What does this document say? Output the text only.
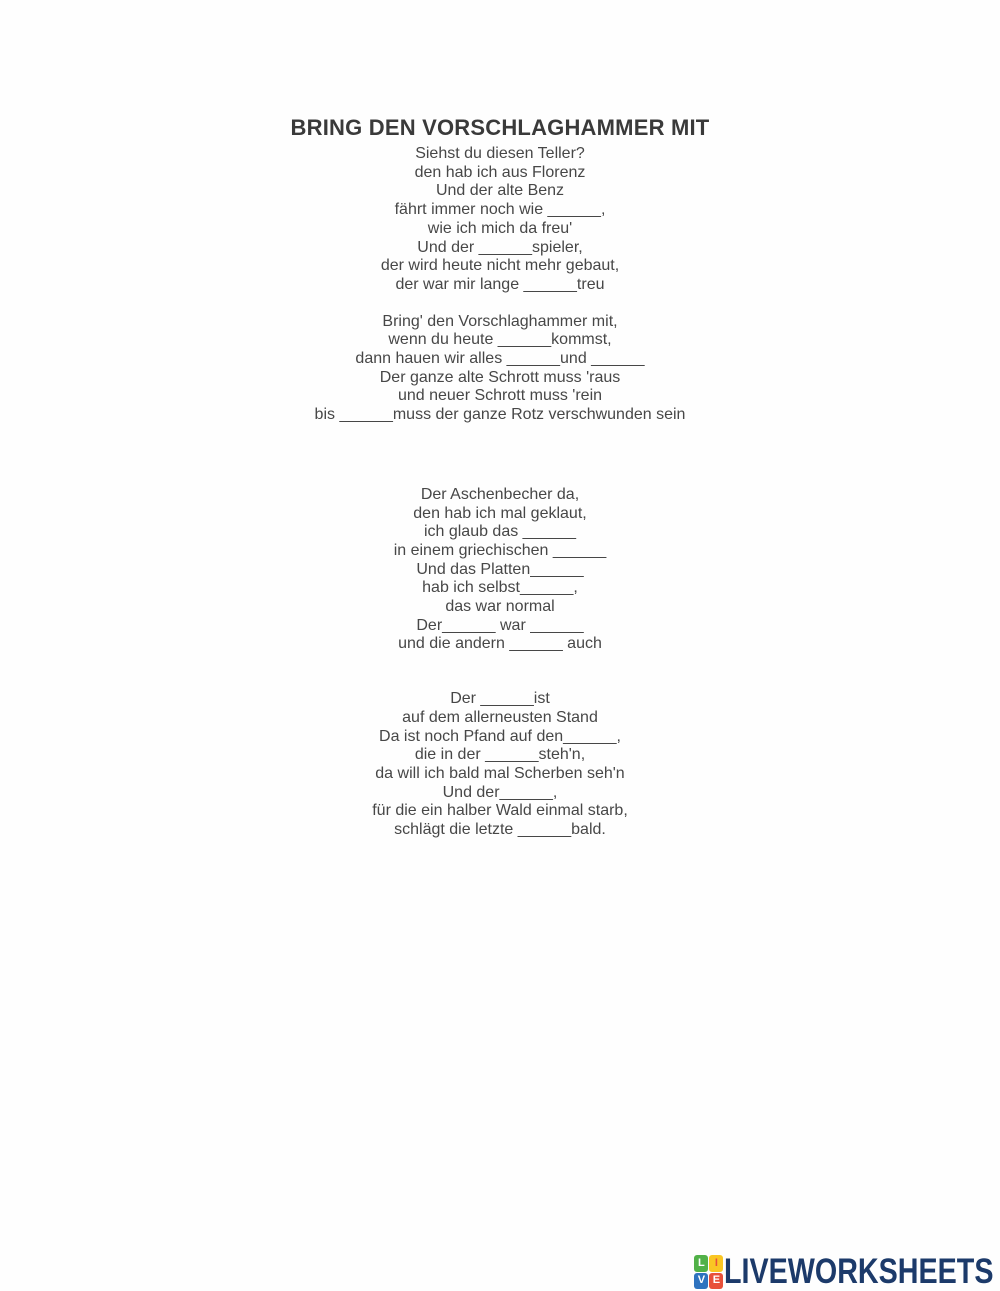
BRING DEN VORSCHLAGHAMMER MIT
Siehst du diesen Teller?
den hab ich aus Florenz
Und der alte Benz
fährt immer noch wie ______,
wie ich mich da freu'
Und der ______spieler,
der wird heute nicht mehr gebaut,
der war mir lange ______treu
Bring' den Vorschlaghammer mit,
wenn du heute ______kommst,
dann hauen wir alles ______und ______
Der ganze alte Schrott muss 'raus
und neuer Schrott muss 'rein
bis ______muss der ganze Rotz verschwunden sein
Der Aschenbecher da,
den hab ich mal geklaut,
ich glaub das ______
in einem griechischen ______
Und das Platten______
hab ich selbst______,
das war normal
Der______ war ______
und die andern ______ auch
Der ______ist
auf dem allerneusten Stand
Da ist noch Pfand auf den______,
die in der ______steh'n,
da will ich bald mal Scherben seh'n
Und der______,
für die ein halber Wald einmal starb,
schlägt die letzte ______bald.
L I
V E LIVEWORKSHEETS
